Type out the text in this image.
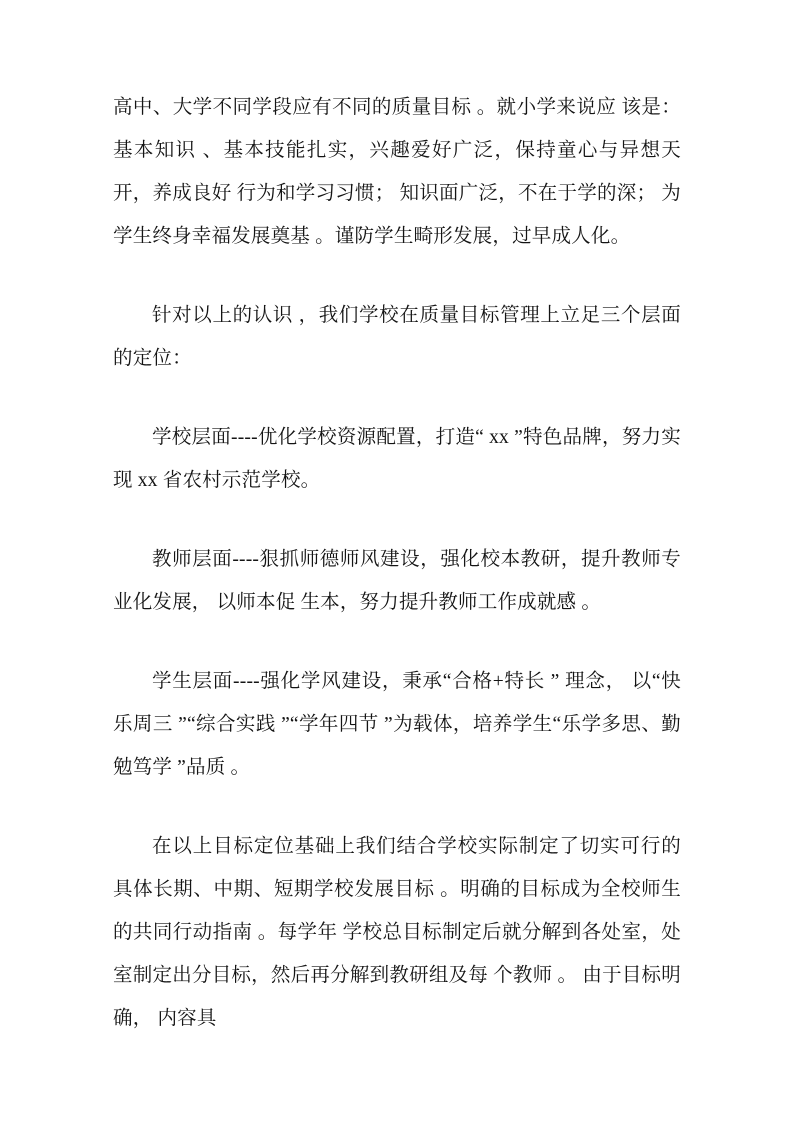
高中、大学不同学段应有不同的质量目标 。就小学来说应 该是：基本知识 、基本技能扎实，兴趣爱好广泛，保持童心与异想天开，养成良好 行为和学习习惯； 知识面广泛，不在于学的深； 为学生终身幸福发展奠基 。谨防学生畸形发展，过早成人化。

针对以上的认识 ，我们学校在质量目标管理上立足三个层面的定位：

学校层面----优化学校资源配置，打造“ xx ”特色品牌，努力实现 xx 省农村示范学校。

教师层面----狠抓师德师风建设，强化校本教研，提升教师专业化发展， 以师本促 生本，努力提升教师工作成就感 。

学生层面----强化学风建设，秉承“合格+特长 ” 理念， 以“快乐周三 ”“综合实践 ”“学年四节 ”为载体，培养学生“乐学多思、勤勉笃学 ”品质 。

在以上目标定位基础上我们结合学校实际制定了切实可行的具体长期、中期、短期学校发展目标 。明确的目标成为全校师生的共同行动指南 。每学年 学校总目标制定后就分解到各处室，处室制定出分目标，然后再分解到教研组及每 个教师 。 由于目标明确， 内容具
